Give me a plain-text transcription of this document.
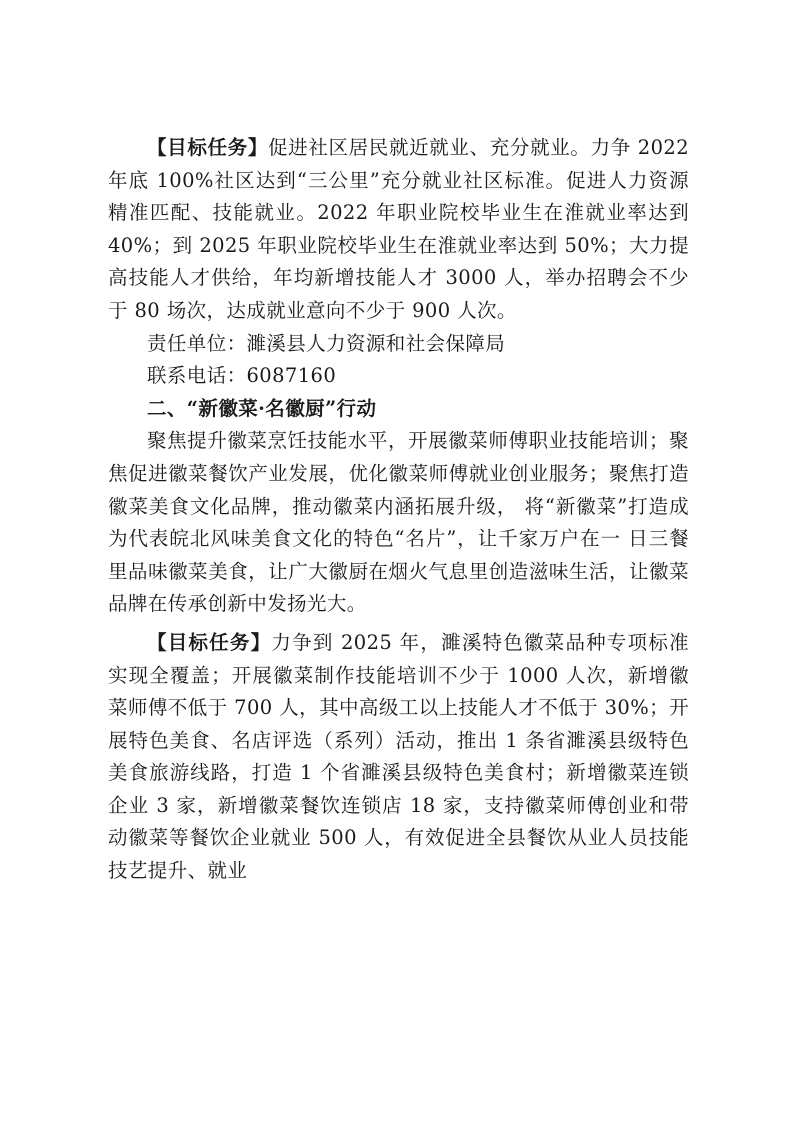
【目标任务】促进社区居民就近就业、充分就业。力争 2022 年底 100%社区达到“三公里”充分就业社区标准。促进人力资源精准匹配、技能就业。2022 年职业院校毕业生在淮就业率达到 40%；到 2025 年职业院校毕业生在淮就业率达到 50%；大力提高技能人才供给，年均新增技能人才 3000 人，举办招聘会不少于 80 场次，达成就业意向不少于 900 人次。

责任单位：濉溪县人力资源和社会保障局

联系电话：6087160

二、“新徽菜·名徽厨”行动

聚焦提升徽菜烹饪技能水平，开展徽菜师傅职业技能培训；聚焦促进徽菜餐饮产业发展，优化徽菜师傅就业创业服务；聚焦打造徽菜美食文化品牌，推动徽菜内涵拓展升级， 将“新徽菜”打造成为代表皖北风味美食文化的特色“名片”，让千家万户在一 日三餐里品味徽菜美食，让广大徽厨在烟火气息里创造滋味生活，让徽菜品牌在传承创新中发扬光大。

【目标任务】力争到 2025 年，濉溪特色徽菜品种专项标准实现全覆盖；开展徽菜制作技能培训不少于 1000 人次，新增徽菜师傅不低于 700 人，其中高级工以上技能人才不低于 30%；开展特色美食、名店评选（系列）活动，推出 1 条省濉溪县级特色美食旅游线路，打造 1 个省濉溪县级特色美食村；新增徽菜连锁企业 3 家，新增徽菜餐饮连锁店 18 家，支持徽菜师傅创业和带动徽菜等餐饮企业就业 500 人，有效促进全县餐饮从业人员技能技艺提升、就业
